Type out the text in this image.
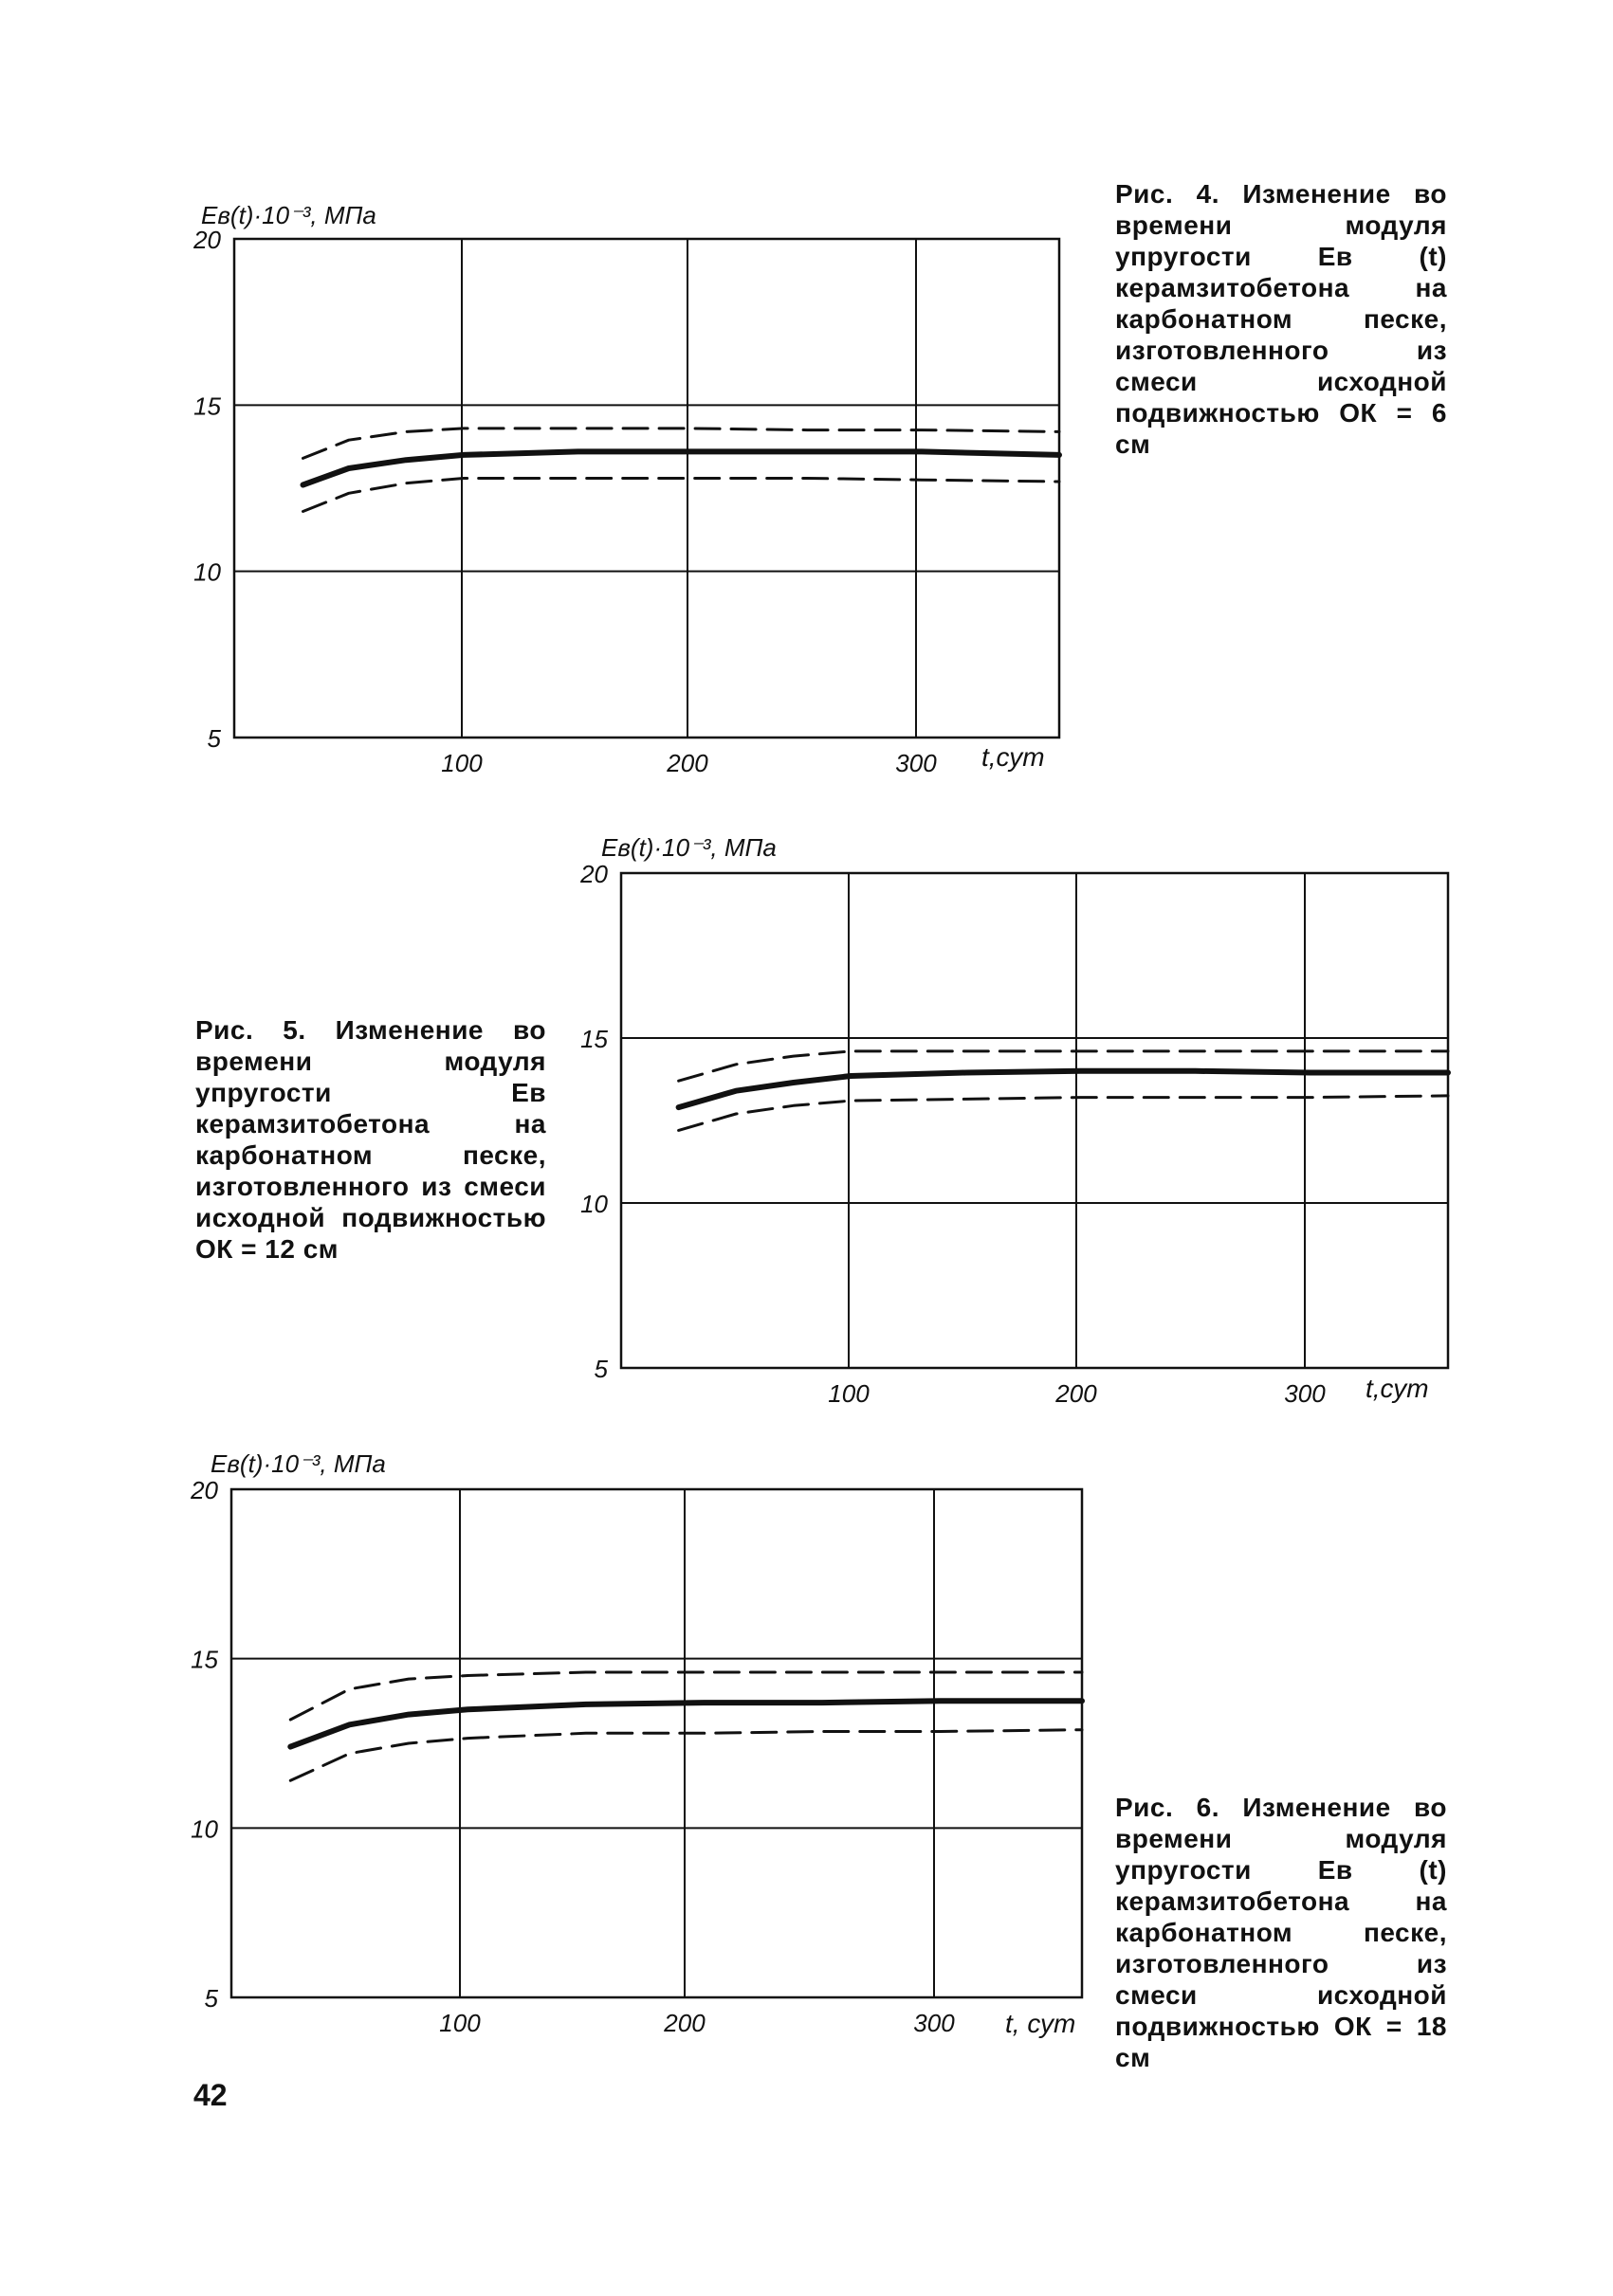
5
10
15
20
100	200	300
Eв(t)·10⁻³, МПа
t,сут
5
10
15
20
100	200	300
Eв(t)·10⁻³, МПа
t,сут
5
10
15
20
100	200	300
Eв(t)·10⁻³, МПа
t, сут

Рис. 4. Изменение во времени модуля упругости Eв (t) керамзитобетона на карбонатном песке, изготовленного из смеси исходной подвижностью ОК = 6 см

Рис. 5. Изменение во времени модуля упругости Eв керамзитобетона на карбонатном песке, изготовленного из смеси исходной подвижностью ОК = 12 см

Рис. 6. Изменение во времени модуля упругости Eв (t) керамзитобетона на карбонатном песке, изготовленного из смеси исходной подвижностью ОК = 18 см

42
